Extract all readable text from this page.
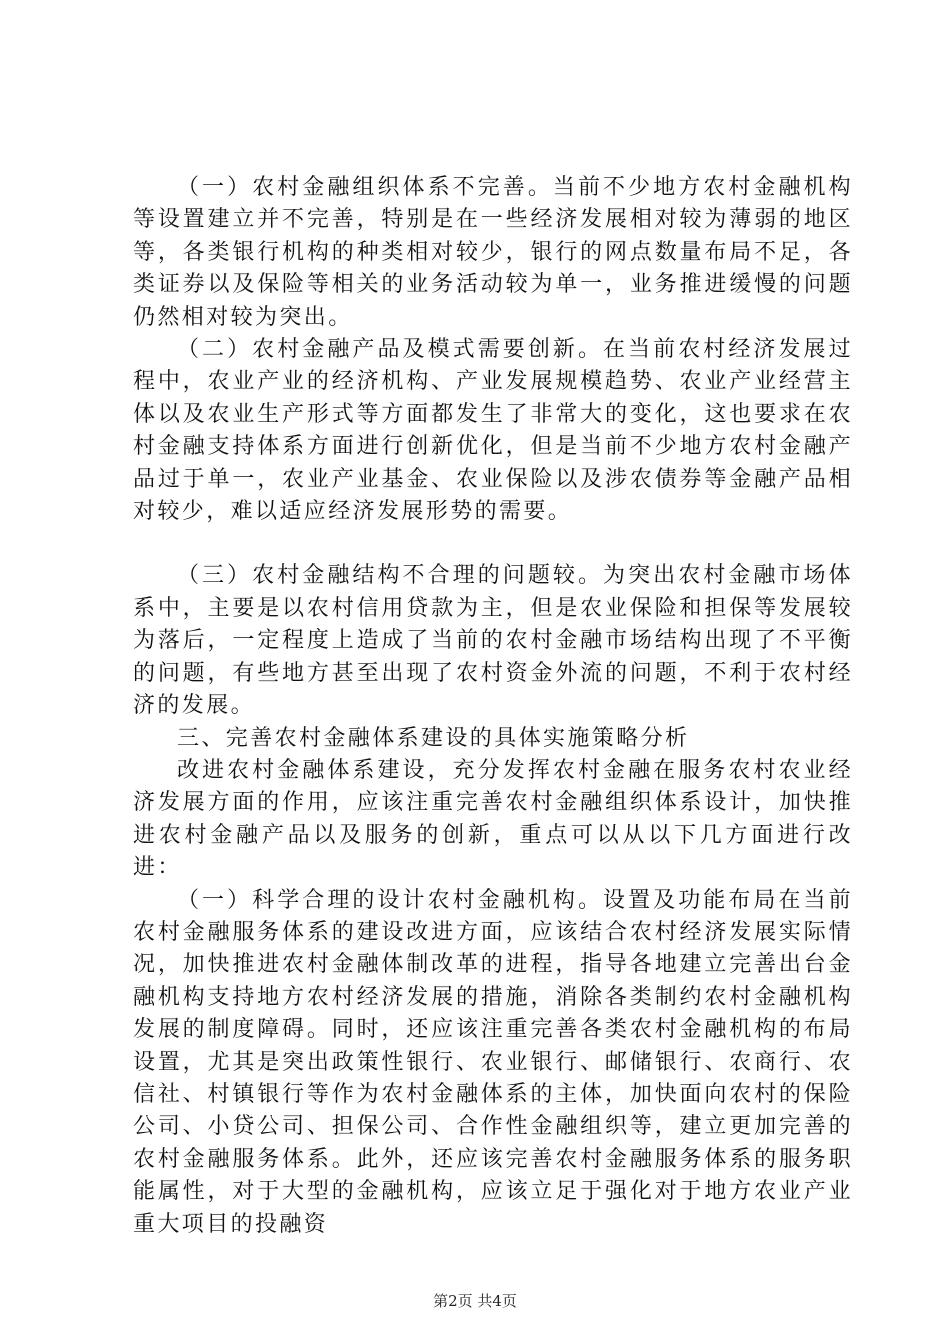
（一）农村金融组织体系不完善。当前不少地方农村金融机构等设置建立并不完善，特别是在一些经济发展相对较为薄弱的地区等，各类银行机构的种类相对较少，银行的网点数量布局不足，各类证券以及保险等相关的业务活动较为单一，业务推进缓慢的问题仍然相对较为突出。

（二）农村金融产品及模式需要创新。在当前农村经济发展过程中，农业产业的经济机构、产业发展规模趋势、农业产业经营主体以及农业生产形式等方面都发生了非常大的变化，这也要求在农村金融支持体系方面进行创新优化，但是当前不少地方农村金融产品过于单一，农业产业基金、农业保险以及涉农债券等金融产品相对较少，难以适应经济发展形势的需要。

（三）农村金融结构不合理的问题较。为突出农村金融市场体系中，主要是以农村信用贷款为主，但是农业保险和担保等发展较为落后，一定程度上造成了当前的农村金融市场结构出现了不平衡的问题，有些地方甚至出现了农村资金外流的问题，不利于农村经济的发展。

三、完善农村金融体系建设的具体实施策略分析

改进农村金融体系建设，充分发挥农村金融在服务农村农业经济发展方面的作用，应该注重完善农村金融组织体系设计，加快推进农村金融产品以及服务的创新，重点可以从以下几方面进行改进：

（一）科学合理的设计农村金融机构。设置及功能布局在当前农村金融服务体系的建设改进方面，应该结合农村经济发展实际情况，加快推进农村金融体制改革的进程，指导各地建立完善出台金融机构支持地方农村经济发展的措施，消除各类制约农村金融机构发展的制度障碍。同时，还应该注重完善各类农村金融机构的布局设置，尤其是突出政策性银行、农业银行、邮储银行、农商行、农信社、村镇银行等作为农村金融体系的主体，加快面向农村的保险公司、小贷公司、担保公司、合作性金融组织等，建立更加完善的农村金融服务体系。此外，还应该完善农村金融服务体系的服务职能属性，对于大型的金融机构，应该立足于强化对于地方农业产业重大项目的投融资

第2页 共4页
